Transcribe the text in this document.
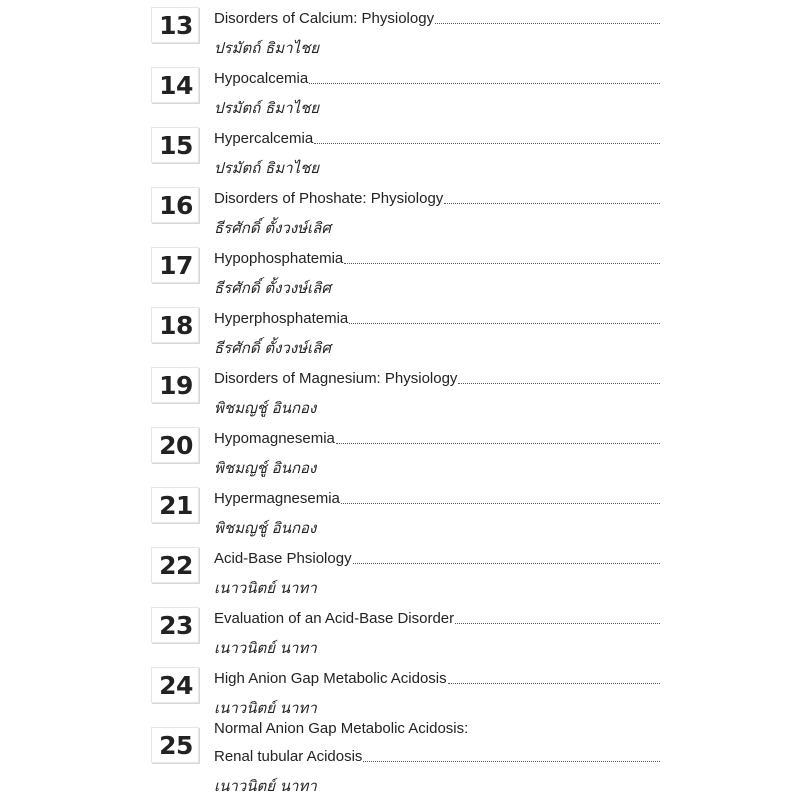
13	Disorders of Calcium: Physiology
ปรมัตถ์ ธิมาไชย
14	Hypocalcemia
ปรมัตถ์ ธิมาไชย
15	Hypercalcemia
ปรมัตถ์ ธิมาไชย
16	Disorders of Phoshate: Physiology
ธีรศักดิ์ ตั้งวงษ์เลิศ
17	Hypophosphatemia
ธีรศักดิ์ ตั้งวงษ์เลิศ
18	Hyperphosphatemia
ธีรศักดิ์ ตั้งวงษ์เลิศ
19	Disorders of Magnesium: Physiology
พิชมญชู์ อินกอง
20	Hypomagnesemia
พิชมญชู์ อินกอง
21	Hypermagnesemia
พิชมญชู์ อินกอง
22	Acid-Base Phsiology
เนาวนิตย์ นาทา
23	Evaluation of an Acid-Base Disorder
เนาวนิตย์ นาทา
24	High Anion Gap Metabolic Acidosis
เนาวนิตย์ นาทา
25
Normal Anion Gap Metabolic Acidosis:
Renal tubular Acidosis
เนาวนิตย์ นาทา
